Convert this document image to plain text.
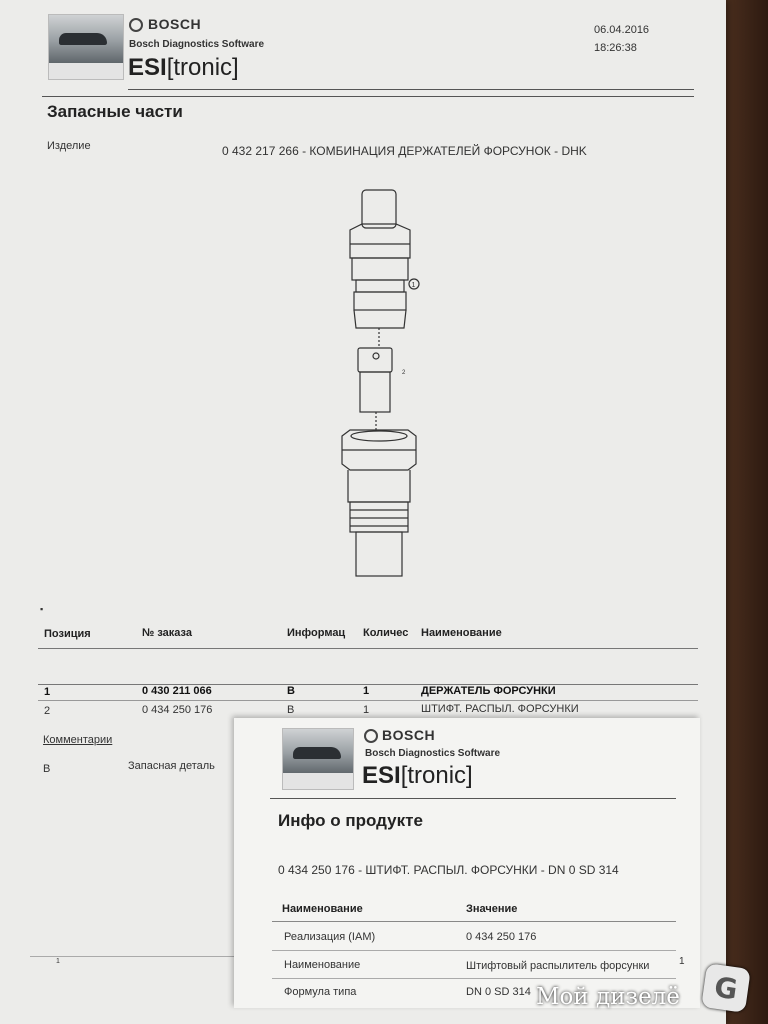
BOSCH
Bosch Diagnostics Software
ESI[tronic]
06.04.2016
18:26:38
Запасные части
Изделие	0 432 217 266 - КОМБИНАЦИЯ ДЕРЖАТЕЛЕЙ ФОРСУНОК - DHK
1
2
▪
Позиция	№ заказа	Информац Количес Наименование
1	0 430 211 066	B	1	ДЕРЖАТЕЛЬ ФОРСУНКИ
2	0 434 250 176	B	1	ШТИФТ. РАСПЫЛ. ФОРСУНКИ
Комментарии
B	Запасная деталь
1
BOSCH
Bosch Diagnostics Software
ESI[tronic]
Инфо о продукте
0 434 250 176 - ШТИФТ. РАСПЫЛ. ФОРСУНКИ - DN 0 SD 314
Наименование	Значение
Реализация (IAM)	0 434 250 176
Наименование	Штифтовый распылитель форсунки	1
Формула типа	DN 0 SD 314 Мой дизелё	G
